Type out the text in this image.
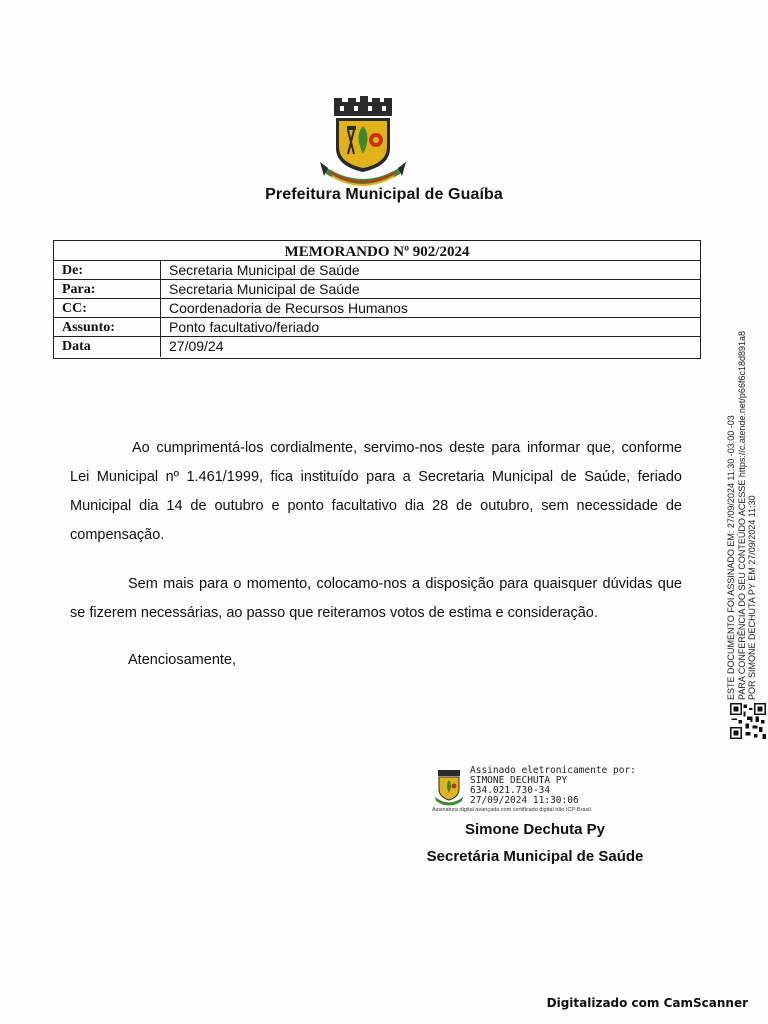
Prefeitura Municipal de Guaíba
MEMORANDO Nº 902/2024
De:	Secretaria Municipal de Saúde
Para:	Secretaria Municipal de Saúde
CC:	Coordenadoria de Recursos Humanos
Assunto:	Ponto facultativo/feriado
Data	27/09/24
Ao cumprimentá-los cordialmente, servimo-nos deste para informar que, conforme Lei Municipal nº 1.461/1999, fica instituído para a Secretaria Municipal de Saúde, feriado Municipal dia 14 de outubro e ponto facultativo dia 28 de outubro, sem necessidade de compensação.
Sem mais para o momento, colocamo-nos a disposição para quaisquer dúvidas que se fizerem necessárias, ao passo que reiteramos votos de estima e consideração.
Atenciosamente,
Assinado eletronicamente por:
SIMONE DECHUTA PY
634.021.730-34
27/09/2024 11:30:06
Assinatura digital avançada com certificado digital não ICP-Brasil.
Simone Dechuta Py
Secretária Municipal de Saúde
ESTE DOCUMENTO FOI ASSINADO EM: 27/09/2024 11:30 -03:00 -03 PARA CONFERÊNCIA DO SEU CONTEÚDO ACESSE https://c.atende.net/p66f6c18d891a8 POR SIMONE DECHUTA PY EM 27/09/2024 11:30
Digitalizado com CamScanner
